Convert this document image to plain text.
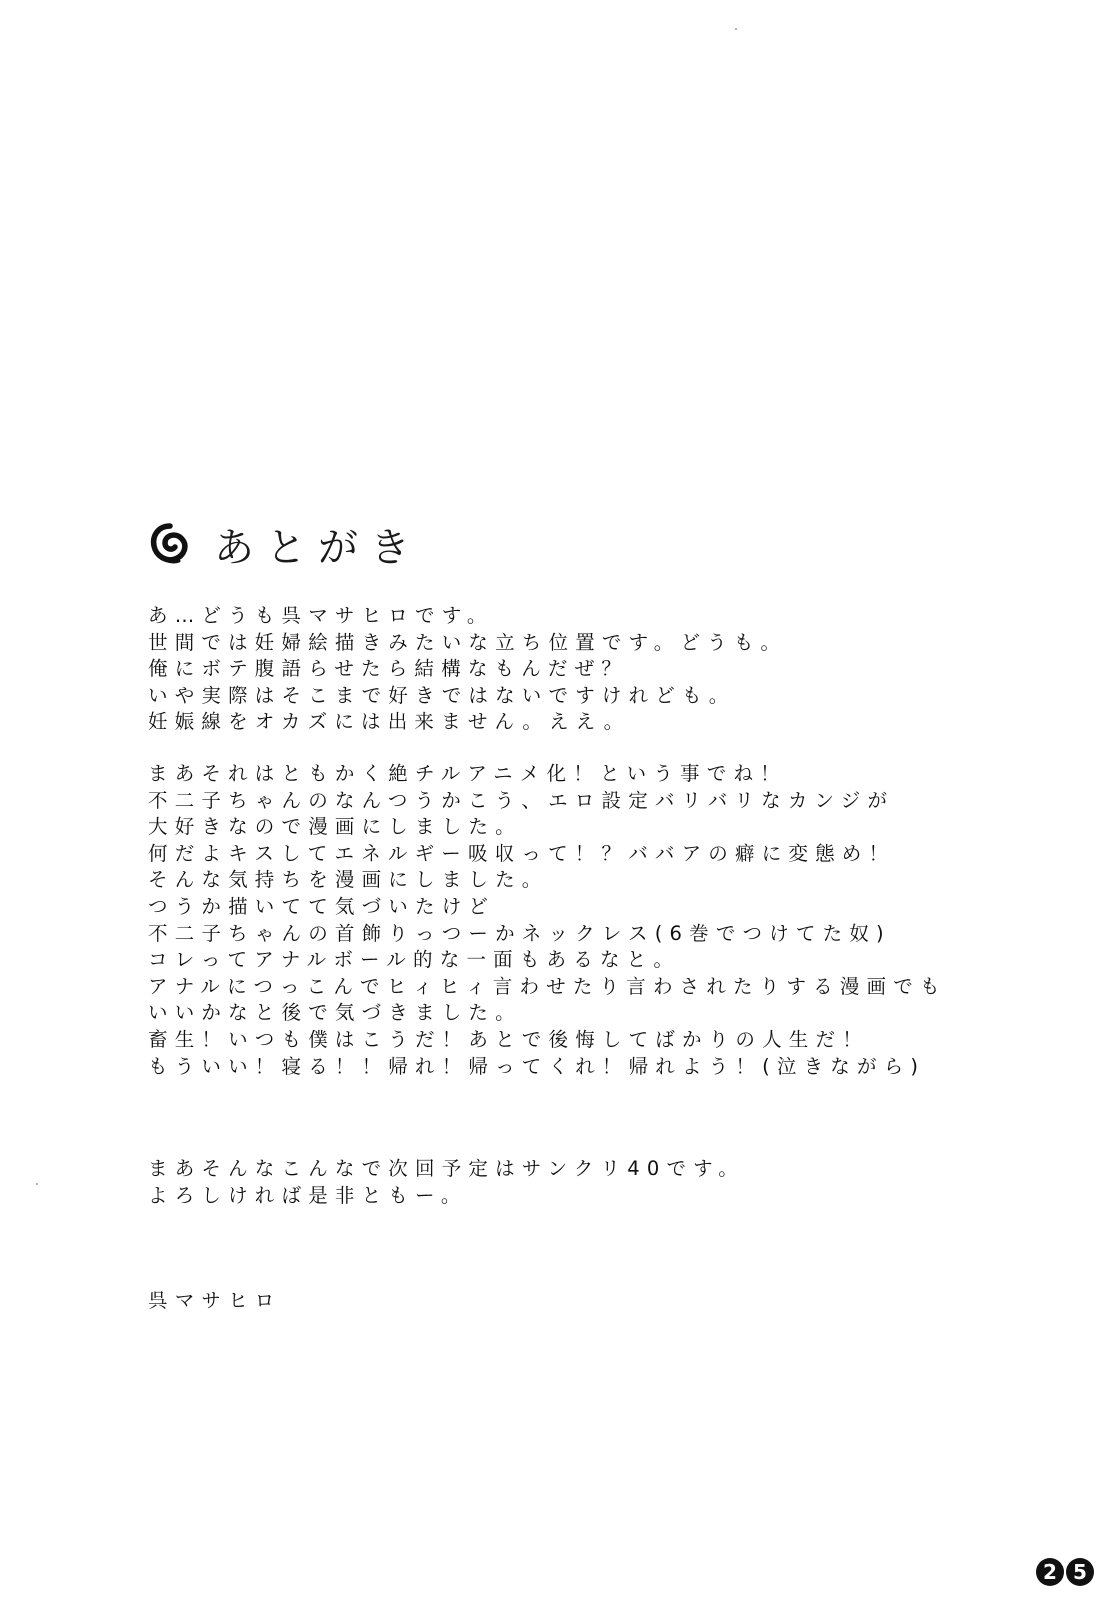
あとがき
あ…どうも呉マサヒロです。
世間では妊婦絵描きみたいな立ち位置です。どうも。
俺にボテ腹語らせたら結構なもんだぜ？
いや実際はそこまで好きではないですけれども。
妊娠線をオカズには出来ません。ええ。
まあそれはともかく絶チルアニメ化！という事でね！
不二子ちゃんのなんつうかこう、エロ設定バリバリなカンジが
大好きなので漫画にしました。
何だよキスしてエネルギー吸収って！？ババアの癖に変態め！
そんな気持ちを漫画にしました。
つうか描いてて気づいたけど
不二子ちゃんの首飾りっつーかネックレス(6巻でつけてた奴)
コレってアナルボール的な一面もあるなと。
アナルにつっこんでヒィヒィ言わせたり言わされたりする漫画でも
いいかなと後で気づきました。
畜生！いつも僕はこうだ！あとで後悔してばかりの人生だ！
もういい！寝る！！帰れ！帰ってくれ！帰れよう！(泣きながら)
まあそんなこんなで次回予定はサンクリ40です。
よろしければ是非ともー。
呉マサヒロ
2 5
